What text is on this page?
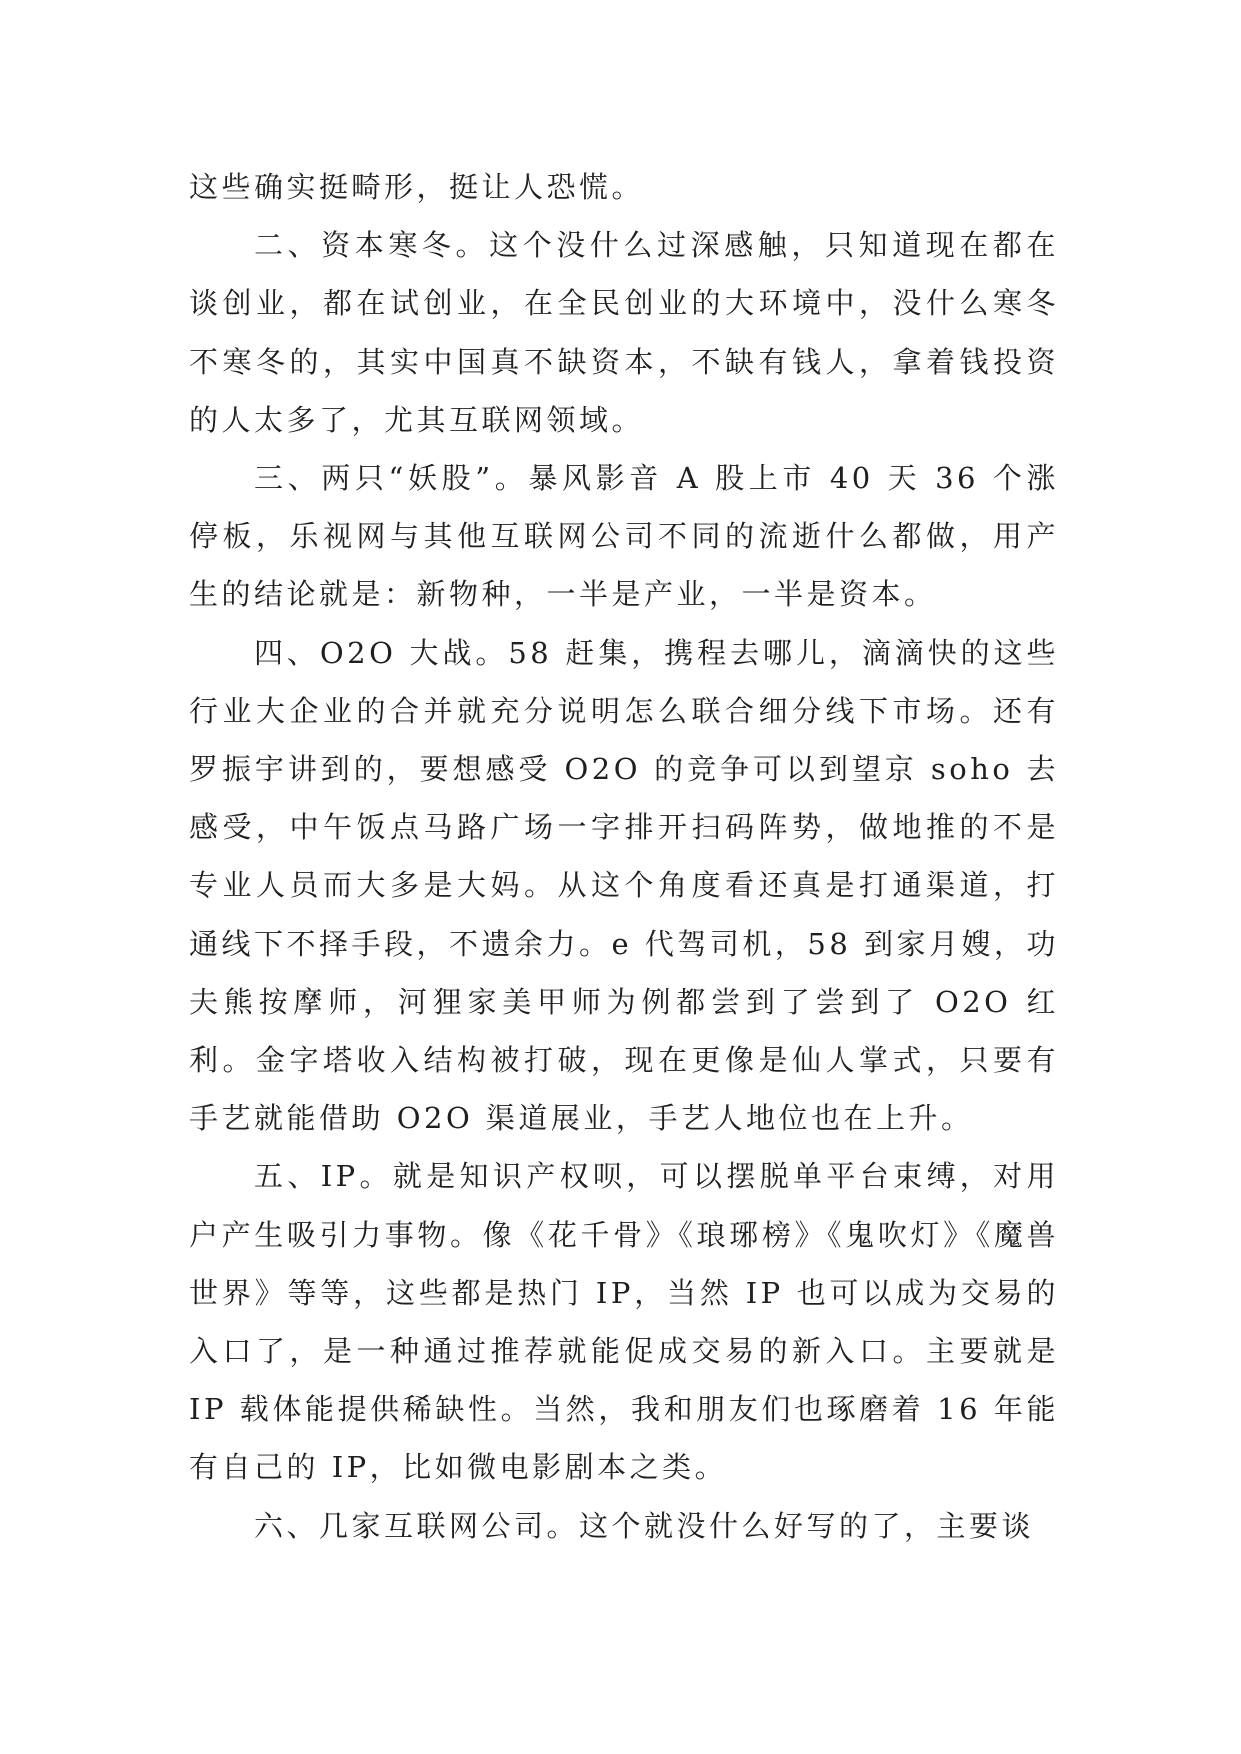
这些确实挺畸形，挺让人恐慌。

二、资本寒冬。这个没什么过深感触，只知道现在都在谈创业，都在试创业，在全民创业的大环境中，没什么寒冬不寒冬的，其实中国真不缺资本，不缺有钱人，拿着钱投资的人太多了，尤其互联网领域。

三、两只“妖股”。暴风影音 A 股上市 40 天 36 个涨停板，乐视网与其他互联网公司不同的流逝什么都做，用产生的结论就是：新物种，一半是产业，一半是资本。

四、O2O 大战。58 赶集，携程去哪儿，滴滴快的这些行业大企业的合并就充分说明怎么联合细分线下市场。还有罗振宇讲到的，要想感受 O2O 的竞争可以到望京 soho 去感受，中午饭点马路广场一字排开扫码阵势，做地推的不是专业人员而大多是大妈。从这个角度看还真是打通渠道，打通线下不择手段，不遗余力。e 代驾司机，58 到家月嫂，功夫熊按摩师，河狸家美甲师为例都尝到了尝到了 O2O 红利。金字塔收入结构被打破，现在更像是仙人掌式，只要有手艺就能借助 O2O 渠道展业，手艺人地位也在上升。

五、IP。就是知识产权呗，可以摆脱单平台束缚，对用户产生吸引力事物。像《花千骨》《琅琊榜》《鬼吹灯》《魔兽世界》等等，这些都是热门 IP，当然 IP 也可以成为交易的入口了，是一种通过推荐就能促成交易的新入口。主要就是 IP 载体能提供稀缺性。当然，我和朋友们也琢磨着 16 年能有自己的 IP，比如微电影剧本之类。

六、几家互联网公司。这个就没什么好写的了，主要谈
